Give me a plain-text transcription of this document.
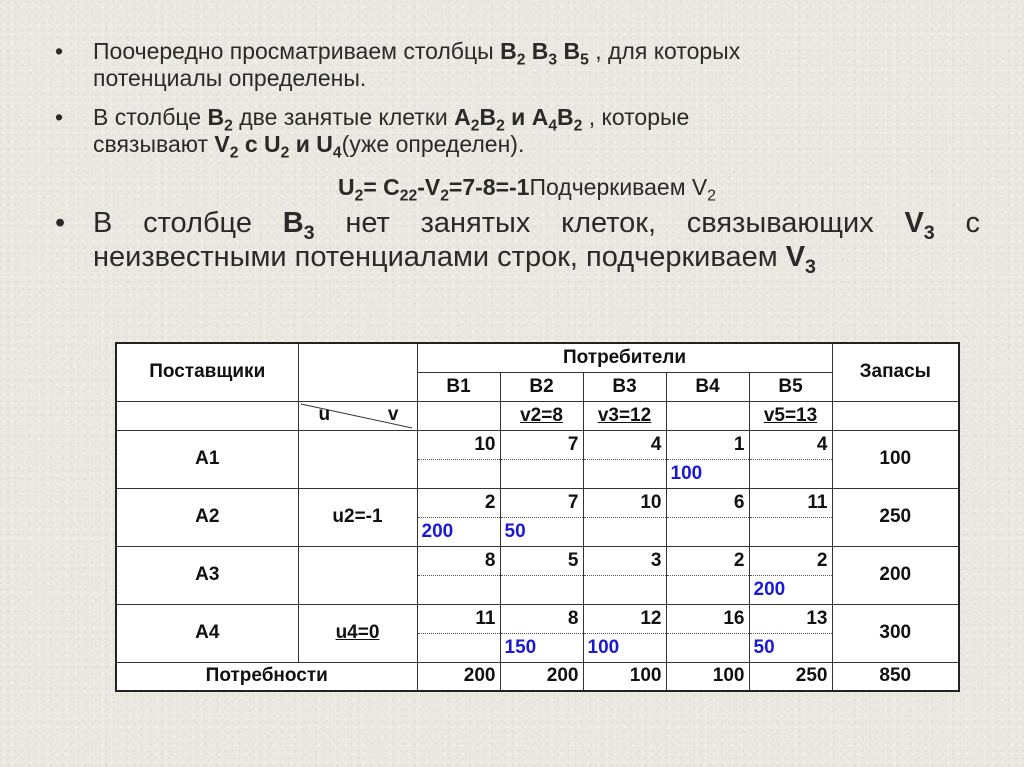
•	Поочередно просматриваем столбцы $B_2$ $B_3$ $B_5$ , для которых
потенциалы определены.
•	В столбце $B_2$ две занятые клетки $A_2B_2$ и $A_4B_2$ , которые
связывают $V_2$ с $U_2$ и $U_4(уже$ определен).
$U_2=$ $C_{22}-V_2=7-8=-1Подчеркиваем$ $V_2$
• В столбце $B_3$ нет занятых клеток, связывающих $V_3$ с
неизвестными потенциалами строк, подчеркиваем $V_3$
Поставщики		Потребители					Запасы
		B1	B2	B3	B4	B5	

	u v		v2=8	v3=12		v5=13	
A1		10	7	4	1	4	100
					100		
A2	u2=-1	2	7	10	6	11	250
		200	50				
A3		8	5	3	2	2	200
						200	
A4	u4=0	11	8	12	16	13	300
			150	100		50	
Потребности		200	200	100	100	250	850
